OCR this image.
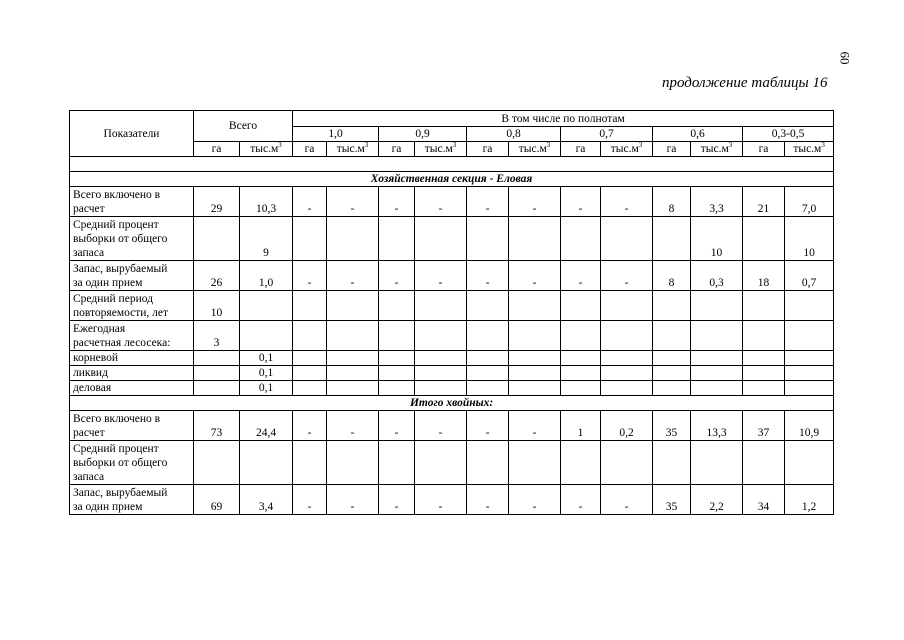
60
продолжение таблицы 16
Показатели	Всего		В том числе по полнотам											
			1,0		0,9		0,8		0,7		0,6		0,3-0,5	
	га	$тыс.м^3$	га	$тыс.м^3$	га	$тыс.м^3$	га	$тыс.м^3$	га	$тыс.м^3$	га	$тыс.м^3$	га	$тыс.м^3$

Хозяйственная секция - Еловая														
Всего включено в
расчет	29	10,3	-	-	-	-	-	-	-	-	8	3,3	21	7,0
Средний процент
выборки от общего
запаса		9										10		10
Запас, вырубаемый
за один прием	26	1,0	-	-	-	-	-	-	-	-	8	0,3	18	0,7
Средний период
повторяемости, лет	10													
Ежегодная
расчетная лесосека:	3													
корневой		0,1												
ликвид		0,1												
деловая		0,1												
Итого хвойных:														
Всего включено в
расчет	73	24,4	-	-	-	-	-	-	1	0,2	35	13,3	37	10,9
Средний процент
выборки от общего
запаса														
Запас, вырубаемый
за один прием	69	3,4	-	-	-	-	-	-	-	-	35	2,2	34	1,2
